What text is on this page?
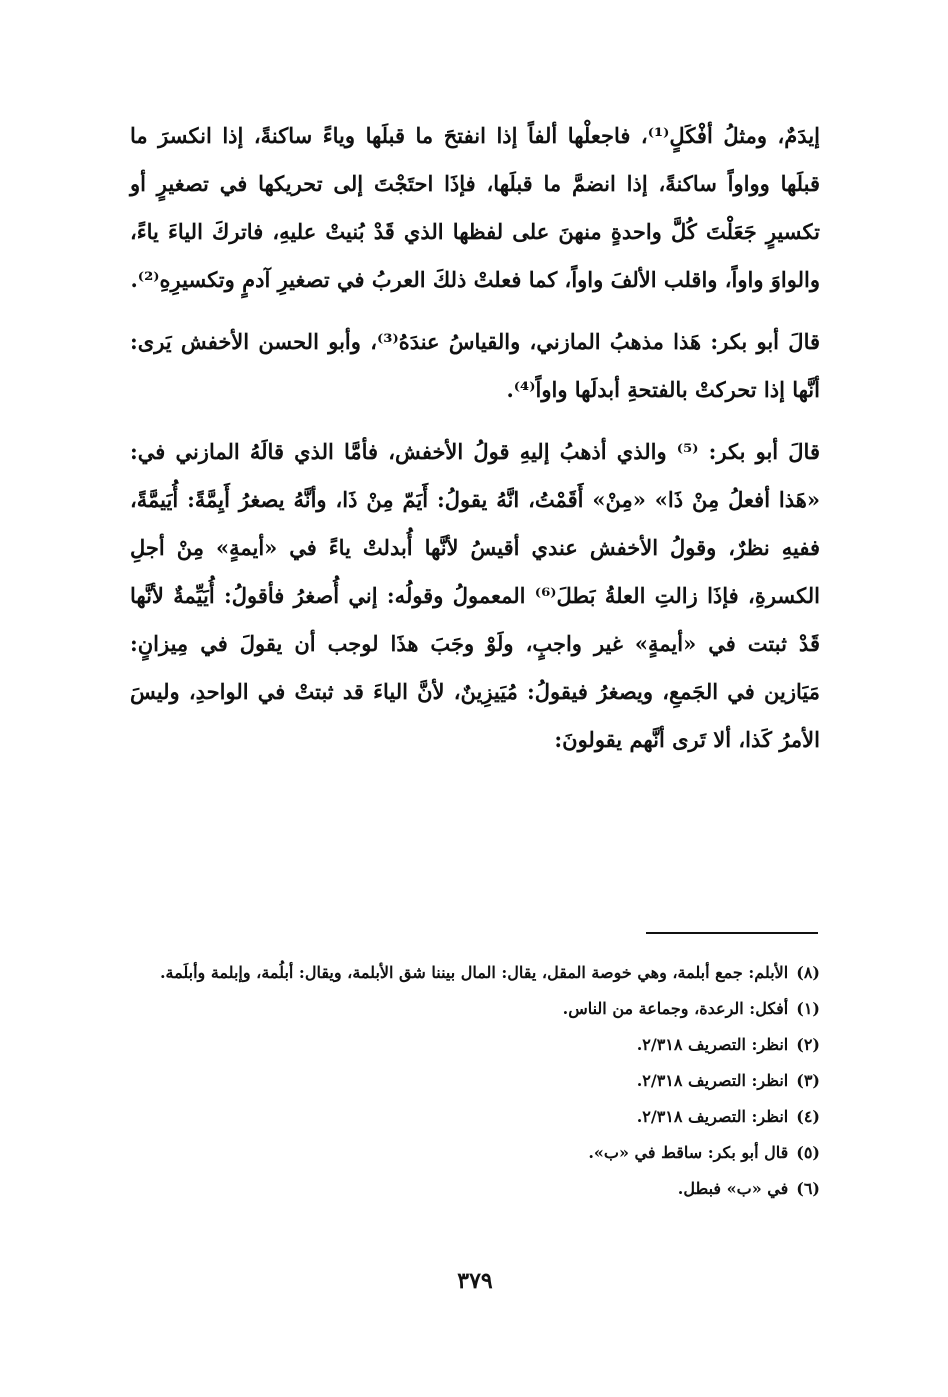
إيدَمٌ، ومثلُ أفْكَلٍ⁽¹⁾، فاجعلْها ألفاً إذا انفتحَ ما قبلَها وياءً ساكنةً، إذا انكسرَ ما قبلَها وواواً ساكنةً، إذا انضمَّ ما قبلَها، فإذَا احتَجْتَ إلى تحريكها في تصغيرٍ أو تكسيرٍ جَعَلْتَ كُلَّ واحدةٍ منهنَ على لفظها الذي قَدْ بُنيتْ عليهِ، فاتركَ الياءَ ياءً، والواوَ واواً، واقلب الألفَ واواً، كما فعلتْ ذلكَ العربُ في تصغيرِ آدمٍ وتكسيرِهِ⁽²⁾.

قالَ أبو بكر: هَذا مذهبُ المازني، والقياسُ عندَهُ⁽³⁾، وأبو الحسن الأخفش يَرى: أنَّها إذا تحركتْ بالفتحةِ أبدلَها واواً⁽⁴⁾.

قالَ أبو بكر: ⁽⁵⁾ والذي أذهبُ إليهِ قولُ الأخفش، فأمَّا الذي قالَهُ المازني في: «هَذا أفعلُ مِنْ ذَا» «مِنْ» أَقَمْتُ، انَّهُ يقولُ: أَيَمّ مِنْ ذَا، وأنَّهُ يصغرُ أَيِمَّةً: أُيَيمَّةً، ففيهِ نظرٌ، وقولُ الأخفش عندي أقيسُ لأنَّها أُبدلتْ ياءً في «أيمةٍ» مِنْ أجلِ الكسرةِ، فإذَا زالتِ العلةُ بَطلَ⁽⁶⁾ المعمولُ وقولُه: إني أُصغرُ فأقولُ: أُيَيِّمةٌ لأنَّها قَدْ ثبتت في «أيمةٍ» غير واجبٍ، ولَوْ وجَبَ هذَا لوجب أن يقولَ في مِيزانٍ: مَيَازين في الجَمعِ، ويصغرُ فيقولُ: مُيَيزِينٌ، لأنَّ الياءَ قد ثبتتْ في الواحدِ، وليسَ الأمرُ كَذا، ألا تَرى أنَّهم يقولونَ:

(٨)الأبلم: جمع أبلمة، وهي خوصة المقل، يقال: المال بيننا شق الأبلمة، ويقال: أبلُمة، وإبلمة وأبلَمة.

(١)أفكل: الرعدة، وجماعة من الناس.

(٢)انظر: التصريف ٢/٣١٨.

(٣)انظر: التصريف ٢/٣١٨.

(٤)انظر: التصريف ٢/٣١٨.

(٥)قال أبو بكر: ساقط في «ب».

(٦)في «ب» فبطل.

٣٧٩
